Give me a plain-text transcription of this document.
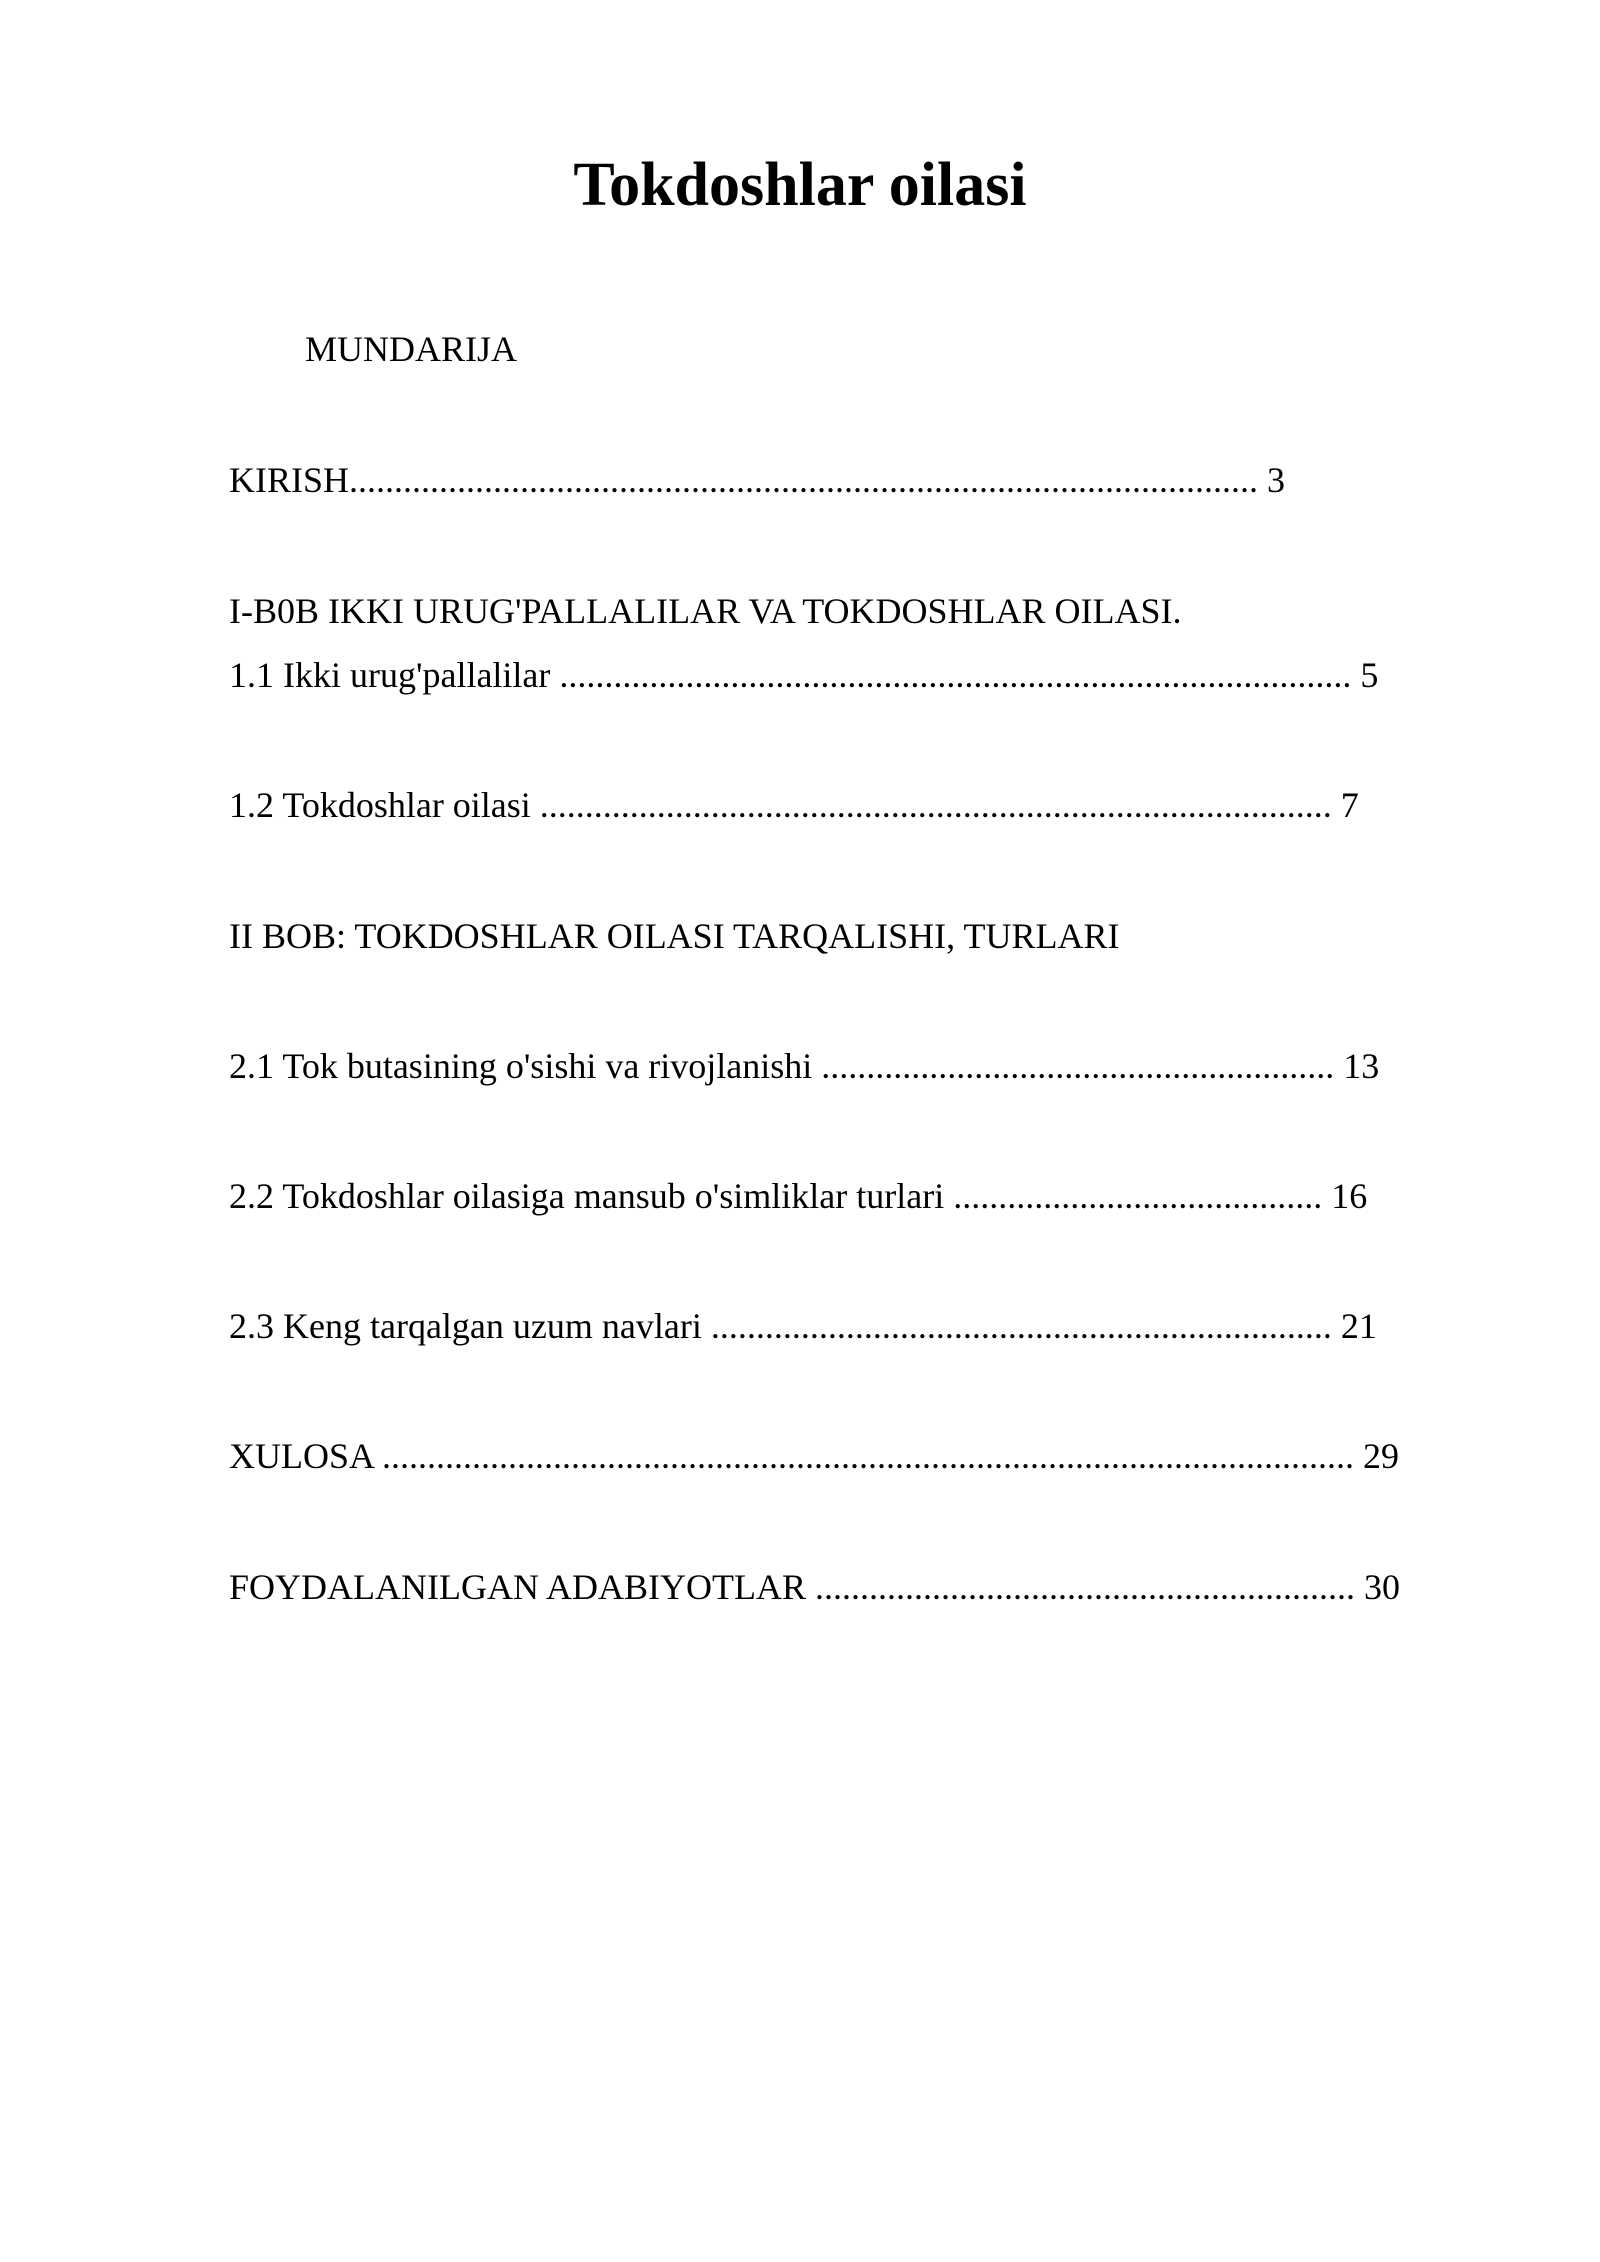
Tokdoshlar oilasi
MUNDARIJA
KIRISH..................................................................................................... 3
I-B0B IKKI URUG'PALLALILAR VA TOKDOSHLAR OILASI.
1.1 Ikki urug'pallalilar ........................................................................................ 5
1.2 Tokdoshlar oilasi ........................................................................................ 7
II BOB: TOKDOSHLAR OILASI TARQALISHI, TURLARI
2.1 Tok butasining o'sishi va rivojlanishi ......................................................... 13
2.2 Tokdoshlar oilasiga mansub o'simliklar turlari ......................................... 16
2.3 Keng tarqalgan uzum navlari ..................................................................... 21
XULOSA ............................................................................................................ 29
FOYDALANILGAN ADABIYOTLAR ............................................................ 30
